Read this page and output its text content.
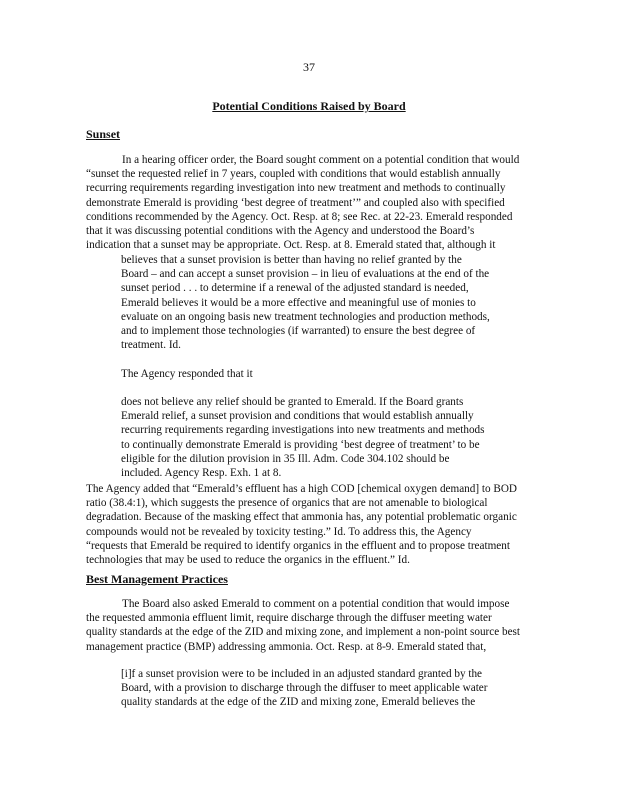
37
Potential Conditions Raised by Board
Sunset

In a hearing officer order, the Board sought comment on a potential condition that would
“sunset the requested relief in 7 years, coupled with conditions that would establish annually
recurring requirements regarding investigation into new treatment and methods to continually
demonstrate Emerald is providing ‘best degree of treatment’” and coupled also with specified
conditions recommended by the Agency. Oct. Resp. at 8; see Rec. at 22-23. Emerald responded
that it was discussing potential conditions with the Agency and understood the Board’s
indication that a sunset may be appropriate. Oct. Resp. at 8. Emerald stated that, although it

believes that a sunset provision is better than having no relief granted by the
Board – and can accept a sunset provision – in lieu of evaluations at the end of the
sunset period . . . to determine if a renewal of the adjusted standard is needed,
Emerald believes it would be a more effective and meaningful use of monies to
evaluate on an ongoing basis new treatment technologies and production methods,
and to implement those technologies (if warranted) to ensure the best degree of
treatment. Id.

The Agency responded that it

does not believe any relief should be granted to Emerald. If the Board grants
Emerald relief, a sunset provision and conditions that would establish annually
recurring requirements regarding investigations into new treatments and methods
to continually demonstrate Emerald is providing ‘best degree of treatment’ to be
eligible for the dilution provision in 35 Ill. Adm. Code 304.102 should be
included. Agency Resp. Exh. 1 at 8.

The Agency added that “Emerald’s effluent has a high COD [chemical oxygen demand] to BOD
ratio (38.4:1), which suggests the presence of organics that are not amenable to biological
degradation. Because of the masking effect that ammonia has, any potential problematic organic
compounds would not be revealed by toxicity testing.” Id. To address this, the Agency
“requests that Emerald be required to identify organics in the effluent and to propose treatment
technologies that may be used to reduce the organics in the effluent.” Id.

Best Management Practices

The Board also asked Emerald to comment on a potential condition that would impose
the requested ammonia effluent limit, require discharge through the diffuser meeting water
quality standards at the edge of the ZID and mixing zone, and implement a non-point source best
management practice (BMP) addressing ammonia. Oct. Resp. at 8-9. Emerald stated that,

[i]f a sunset provision were to be included in an adjusted standard granted by the
Board, with a provision to discharge through the diffuser to meet applicable water
quality standards at the edge of the ZID and mixing zone, Emerald believes the
